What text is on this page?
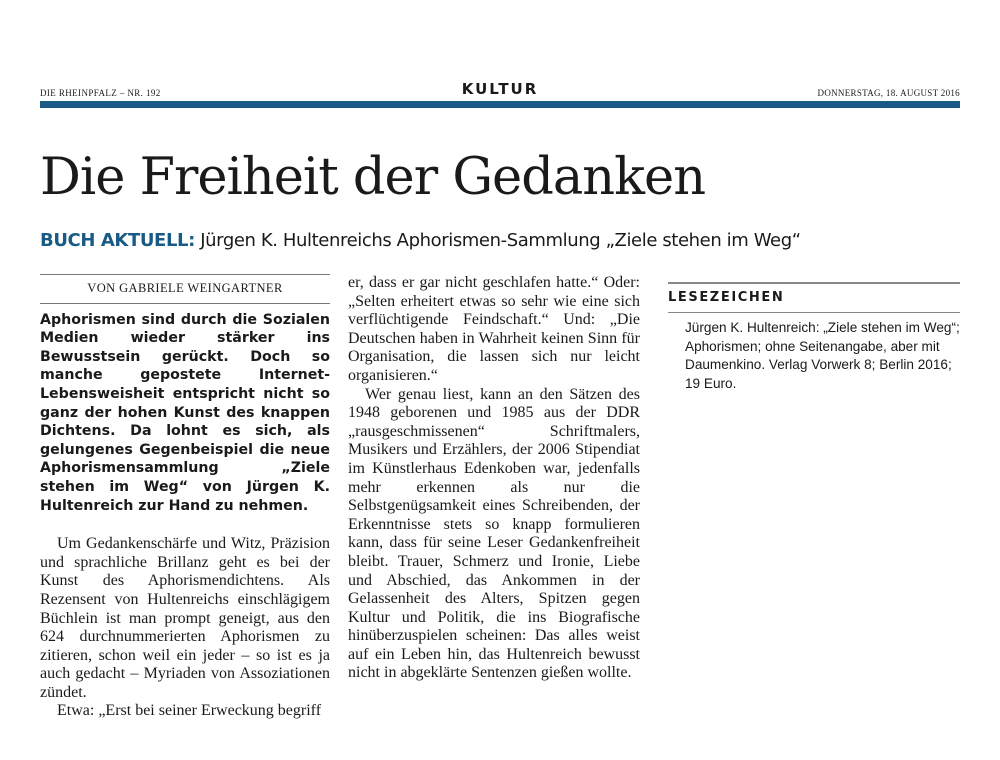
DIE RHEINPFALZ – NR. 192	KULTUR	DONNERSTAG, 18. AUGUST 2016
Die Freiheit der Gedanken
BUCH AKTUELL: Jürgen K. Hultenreichs Aphorismen-Sammlung „Ziele stehen im Weg“
VON GABRIELE WEINGARTNER

Aphorismen sind durch die Sozialen Medien wieder stärker ins Bewusstsein gerückt. Doch so manche gepostete Internet-Lebensweisheit entspricht nicht so ganz der hohen Kunst des knappen Dichtens. Da lohnt es sich, als gelungenes Gegenbeispiel die neue Aphorismensammlung „Ziele stehen im Weg“ von Jürgen K. Hultenreich zur Hand zu nehmen.

Um Gedankenschärfe und Witz, Präzision und sprachliche Brillanz geht es bei der Kunst des Aphorismendichtens. Als Rezensent von Hultenreichs einschlägigem Büchlein ist man prompt geneigt, aus den 624 durchnummerierten Aphorismen zu zitieren, schon weil ein jeder – so ist es ja auch gedacht – Myriaden von Assoziationen zündet.

Etwa: „Erst bei seiner Erweckung begriff

er, dass er gar nicht geschlafen hatte.“ Oder: „Selten erheitert etwas so sehr wie eine sich verflüchtigende Feindschaft.“ Und: „Die Deutschen haben in Wahrheit keinen Sinn für Organisation, die lassen sich nur leicht organisieren.“

Wer genau liest, kann an den Sätzen des 1948 geborenen und 1985 aus der DDR „rausgeschmissenen“ Schriftmalers, Musikers und Erzählers, der 2006 Stipendiat im Künstlerhaus Edenkoben war, jedenfalls mehr erkennen als nur die Selbstgenügsamkeit eines Schreibenden, der Erkenntnisse stets so knapp formulieren kann, dass für seine Leser Gedankenfreiheit bleibt. Trauer, Schmerz und Ironie, Liebe und Abschied, das Ankommen in der Gelassenheit des Alters, Spitzen gegen Kultur und Politik, die ins Biografische hinüberzuspielen scheinen: Das alles weist auf ein Leben hin, das Hultenreich bewusst nicht in abgeklärte Sentenzen gießen wollte.

LESEZEICHEN

Jürgen K. Hultenreich: „Ziele stehen im Weg“; Aphorismen; ohne Seitenangabe, aber mit Daumenkino. Verlag Vorwerk 8; Berlin 2016; 19 Euro.
